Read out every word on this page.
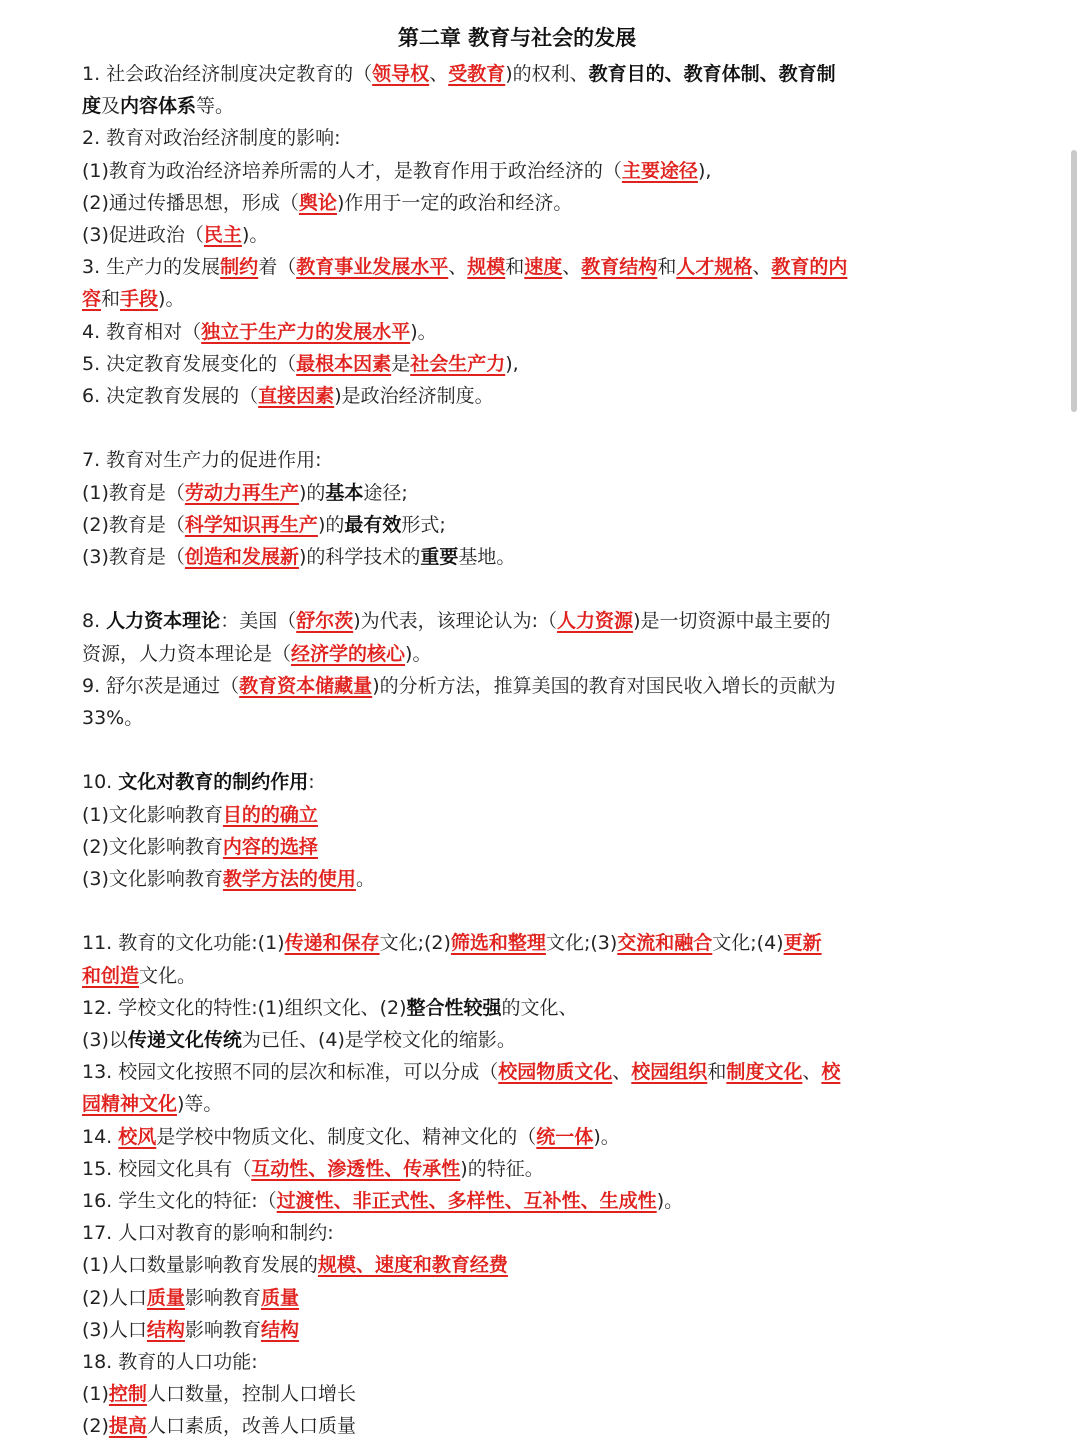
第二章 教育与社会的发展
1. 社会政治经济制度决定教育的（领导权、受教育)的权利、教育目的、教育体制、教育制
度及内容体系等。
2. 教育对政治经济制度的影响:
(1)教育为政治经济培养所需的人才，是教育作用于政治经济的（主要途径),
(2)通过传播思想，形成（舆论)作用于一定的政治和经济。
(3)促进政治（民主)。
3. 生产力的发展制约着（教育事业发展水平、规模和速度、教育结构和人才规格、教育的内
容和手段)。
4. 教育相对（独立于生产力的发展水平)。
5. 决定教育发展变化的（最根本因素是社会生产力),
6. 决定教育发展的（直接因素)是政治经济制度。
7. 教育对生产力的促进作用:
(1)教育是（劳动力再生产)的基本途径;
(2)教育是（科学知识再生产)的最有效形式;
(3)教育是（创造和发展新)的科学技术的重要基地。
8. 人力资本理论：美国（舒尔茨)为代表，该理论认为:（人力资源)是一切资源中最主要的
资源，人力资本理论是（经济学的核心)。
9. 舒尔茨是通过（教育资本储藏量)的分析方法，推算美国的教育对国民收入增长的贡献为
33%。
10. 文化对教育的制约作用:
(1)文化影响教育目的的确立
(2)文化影响教育内容的选择
(3)文化影响教育教学方法的使用。
11. 教育的文化功能:(1)传递和保存文化;(2)筛选和整理文化;(3)交流和融合文化;(4)更新
和创造文化。
12. 学校文化的特性:(1)组织文化、(2)整合性较强的文化、
(3)以传递文化传统为已任、(4)是学校文化的缩影。
13. 校园文化按照不同的层次和标准，可以分成（校园物质文化、校园组织和制度文化、校
园精神文化)等。
14. 校风是学校中物质文化、制度文化、精神文化的（统一体)。
15. 校园文化具有（互动性、渗透性、传承性)的特征。
16. 学生文化的特征:（过渡性、非正式性、多样性、互补性、生成性)。
17. 人口对教育的影响和制约:
(1)人口数量影响教育发展的规模、速度和教育经费
(2)人口质量影响教育质量
(3)人口结构影响教育结构
18. 教育的人口功能:
(1)控制人口数量，控制人口增长
(2)提高人口素质，改善人口质量
